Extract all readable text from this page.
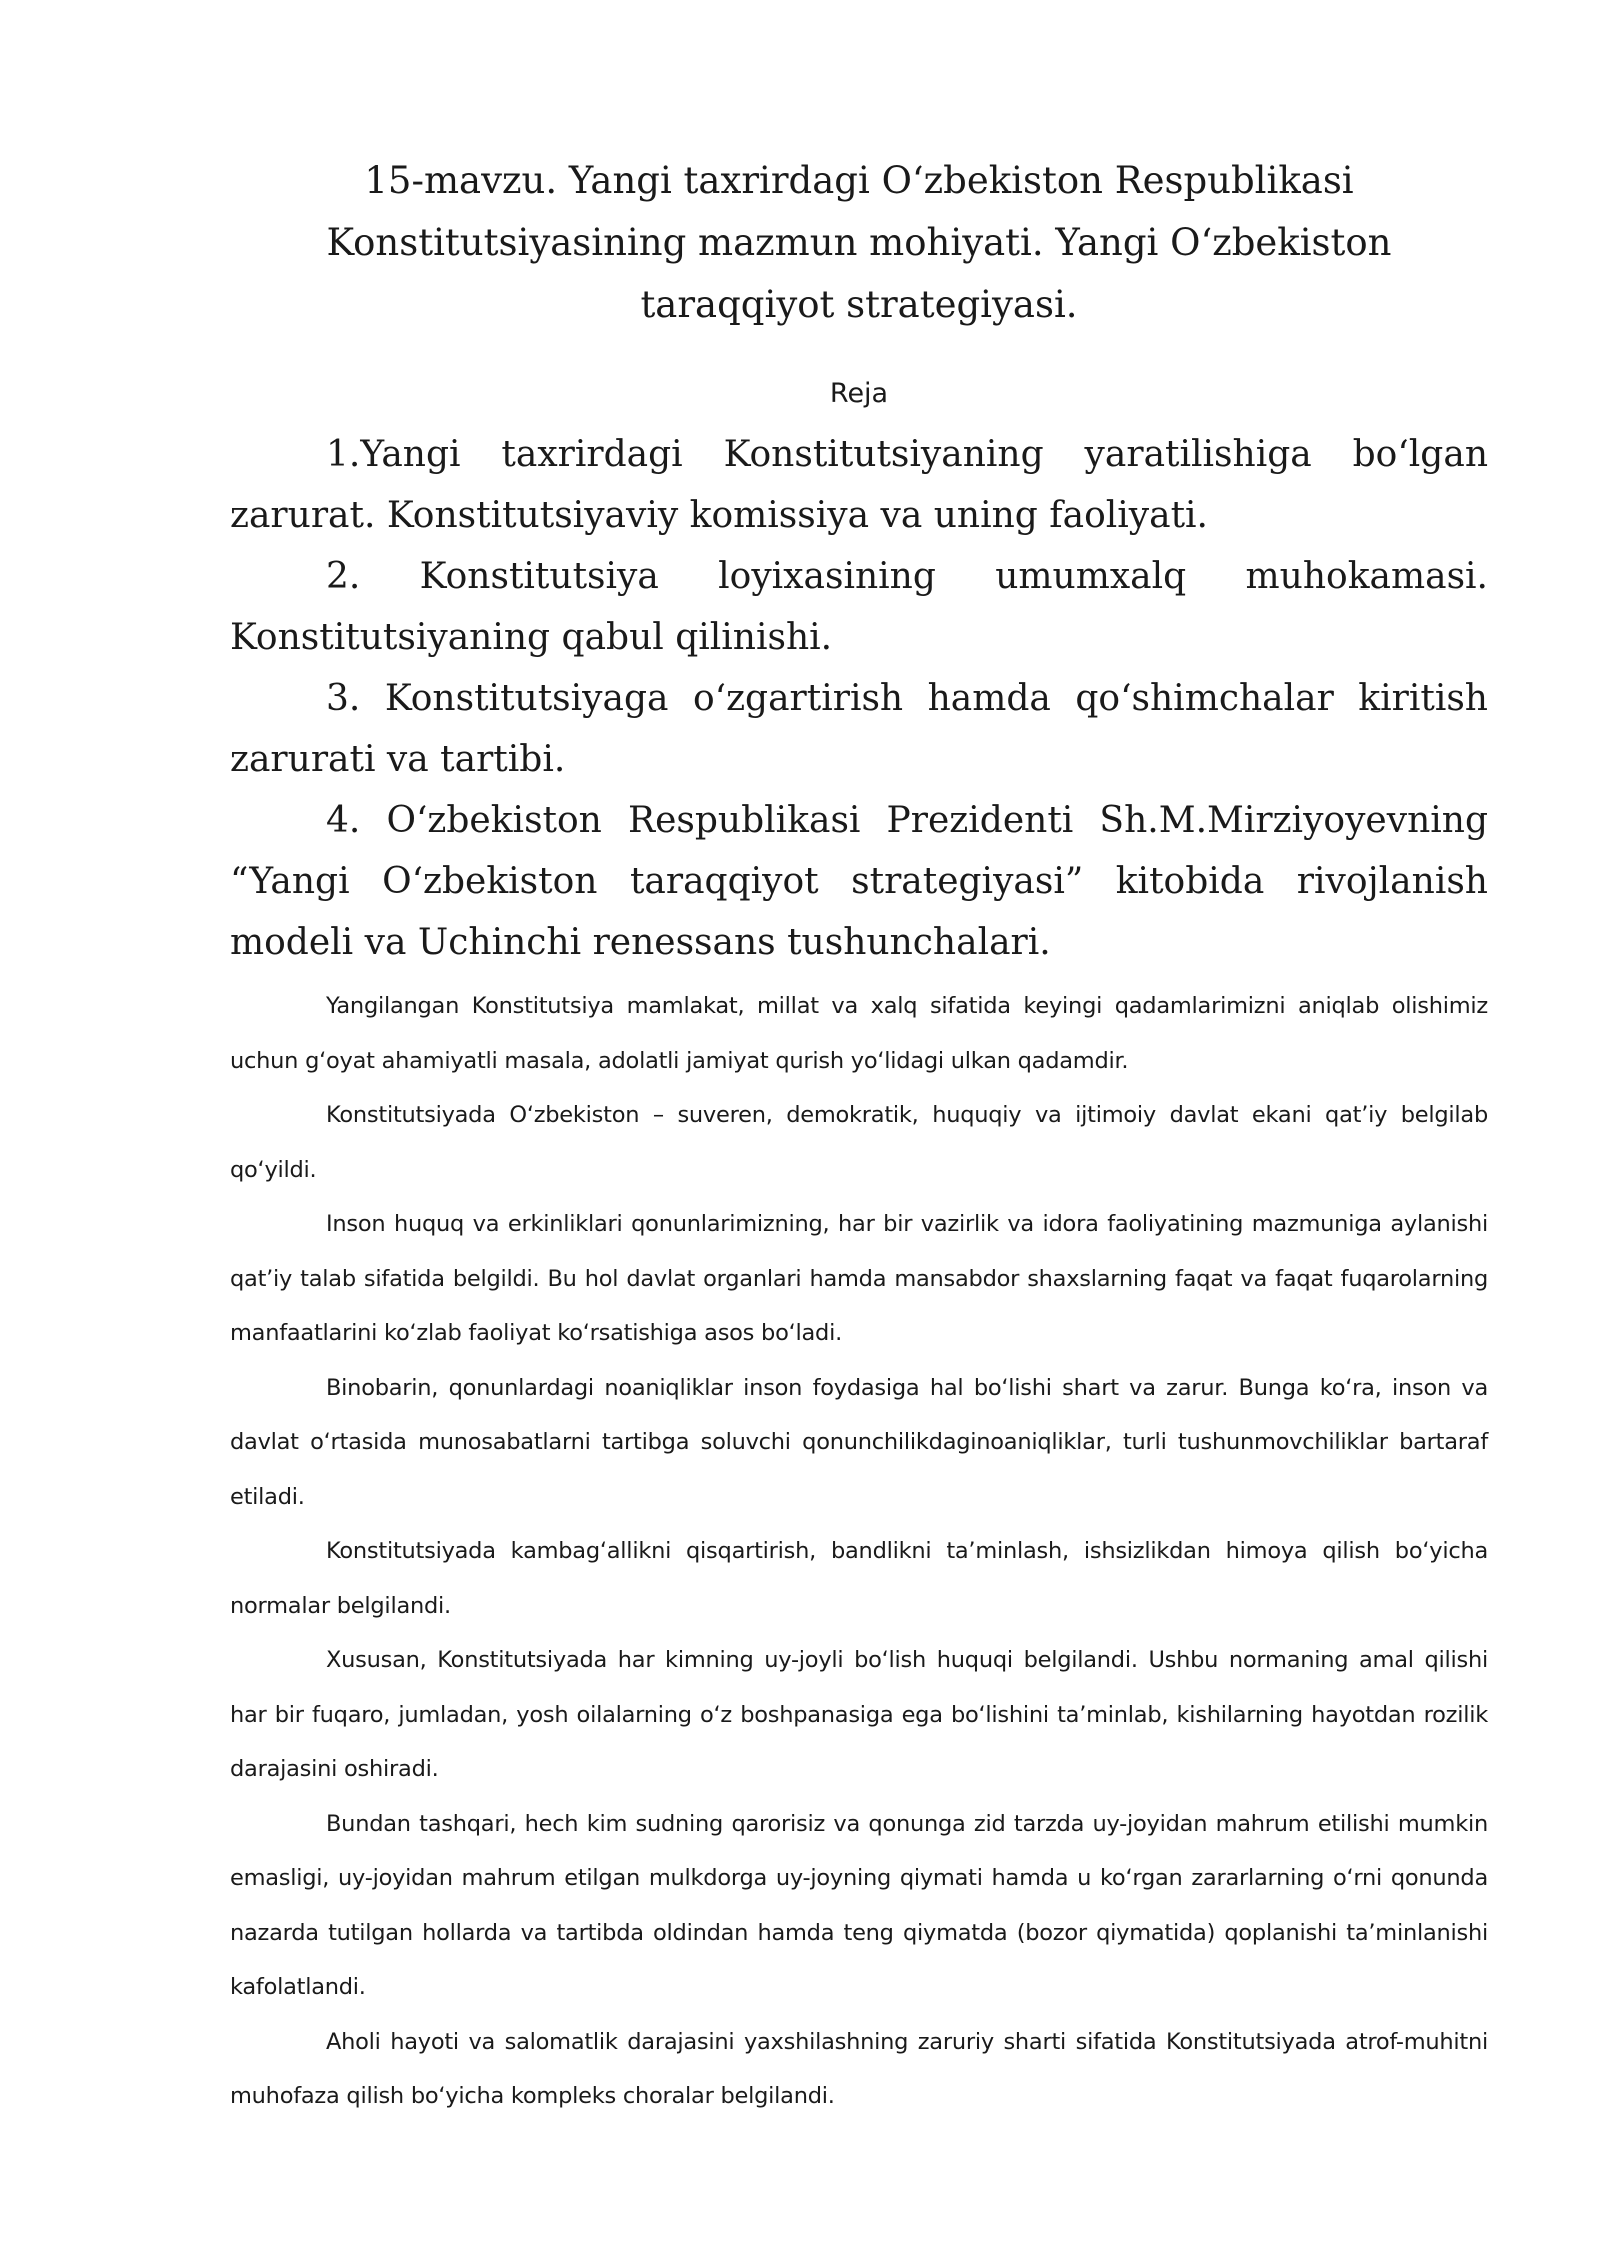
15-mavzu. Yangi taxrirdagi O‘zbekiston Respublikasi Konstitutsiyasining mazmun mohiyati. Yangi O‘zbekiston taraqqiyot strategiyasi.

Reja

1.Yangi taxrirdagi Konstitutsiyaning yaratilishiga bo‘lgan zarurat. Konstitutsiyaviy komissiya va uning faoliyati.

2. Konstitutsiya loyixasining umumxalq muhokamasi. Konstitutsiyaning qabul qilinishi.

3. Konstitutsiyaga o‘zgartirish hamda qo‘shimchalar kiritish zarurati va tartibi.

4. O‘zbekiston Respublikasi Prezidenti Sh.M.Mirziyoyevning “Yangi O‘zbekiston taraqqiyot strategiyasi” kitobida rivojlanish modeli va Uchinchi renessans tushunchalari.

Yangilangan Konstitutsiya mamlakat, millat va xalq sifatida keyingi qadamlarimizni aniqlab olishimiz uchun g‘oyat ahamiyatli masala, adolatli jamiyat qurish yo‘lidagi ulkan qadamdir.

Konstitutsiyada O‘zbekiston – suveren, demokratik, huquqiy va ijtimoiy davlat ekani qat’iy belgilab qo‘yildi.

Inson huquq va erkinliklari qonunlarimizning, har bir vazirlik va idora faoliyatining mazmuniga aylanishi qat’iy talab sifatida belgildi. Bu hol davlat organlari hamda mansabdor shaxslarning faqat va faqat fuqarolarning manfaatlarini ko‘zlab faoliyat ko‘rsatishiga asos bo‘ladi.

Binobarin, qonunlardagi noaniqliklar inson foydasiga hal bo‘lishi shart va zarur. Bunga ko‘ra, inson va davlat o‘rtasida munosabatlarni tartibga soluvchi qonunchilikdaginoaniqliklar, turli tushunmovchiliklar bartaraf etiladi.

Konstitutsiyada kambag‘allikni qisqartirish, bandlikni ta’minlash, ishsizlikdan himoya qilish bo‘yicha normalar belgilandi.

Xususan, Konstitutsiyada har kimning uy-joyli bo‘lish huquqi belgilandi. Ushbu normaning amal qilishi har bir fuqaro, jumladan, yosh oilalarning o‘z boshpanasiga ega bo‘lishini ta’minlab, kishilarning hayotdan rozilik darajasini oshiradi.

Bundan tashqari, hech kim sudning qarorisiz va qonunga zid tarzda uy-joyidan mahrum etilishi mumkin emasligi, uy-joyidan mahrum etilgan mulkdorga uy-joyning qiymati hamda u ko‘rgan zararlarning o‘rni qonunda nazarda tutilgan hollarda va tartibda oldindan hamda teng qiymatda (bozor qiymatida) qoplanishi ta’minlanishi kafolatlandi.

Aholi hayoti va salomatlik darajasini yaxshilashning zaruriy sharti sifatida Konstitutsiyada atrof-muhitni muhofaza qilish bo‘yicha kompleks choralar belgilandi.
